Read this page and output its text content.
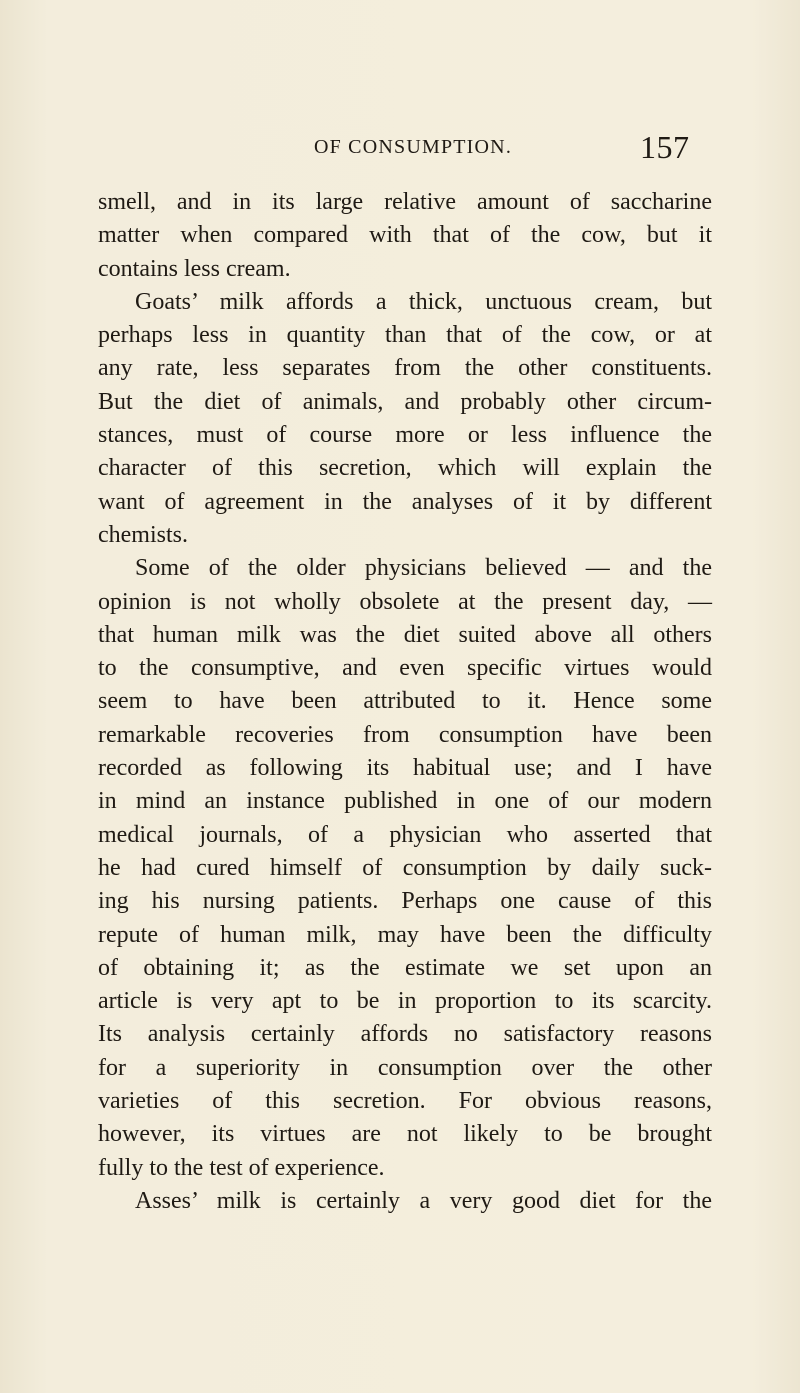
OF CONSUMPTION.	157
smell, and in its large relative amount of saccharine
matter when compared with that of the cow, but it
contains less cream.
Goats’ milk affords a thick, unctuous cream, but
perhaps less in quantity than that of the cow, or at
any rate, less separates from the other constituents.
But the diet of animals, and probably other circum-
stances, must of course more or less influence the
character of this secretion, which will explain the
want of agreement in the analyses of it by different
chemists.
Some of the older physicians believed — and the
opinion is not wholly obsolete at the present day, —
that human milk was the diet suited above all others
to the consumptive, and even specific virtues would
seem to have been attributed to it. Hence some
remarkable recoveries from consumption have been
recorded as following its habitual use; and I have
in mind an instance published in one of our modern
medical journals, of a physician who asserted that
he had cured himself of consumption by daily suck-
ing his nursing patients. Perhaps one cause of this
repute of human milk, may have been the difficulty
of obtaining it; as the estimate we set upon an
article is very apt to be in proportion to its scarcity.
Its analysis certainly affords no satisfactory reasons
for a superiority in consumption over the other
varieties of this secretion. For obvious reasons,
however, its virtues are not likely to be brought
fully to the test of experience.
Asses’ milk is certainly a very good diet for the
